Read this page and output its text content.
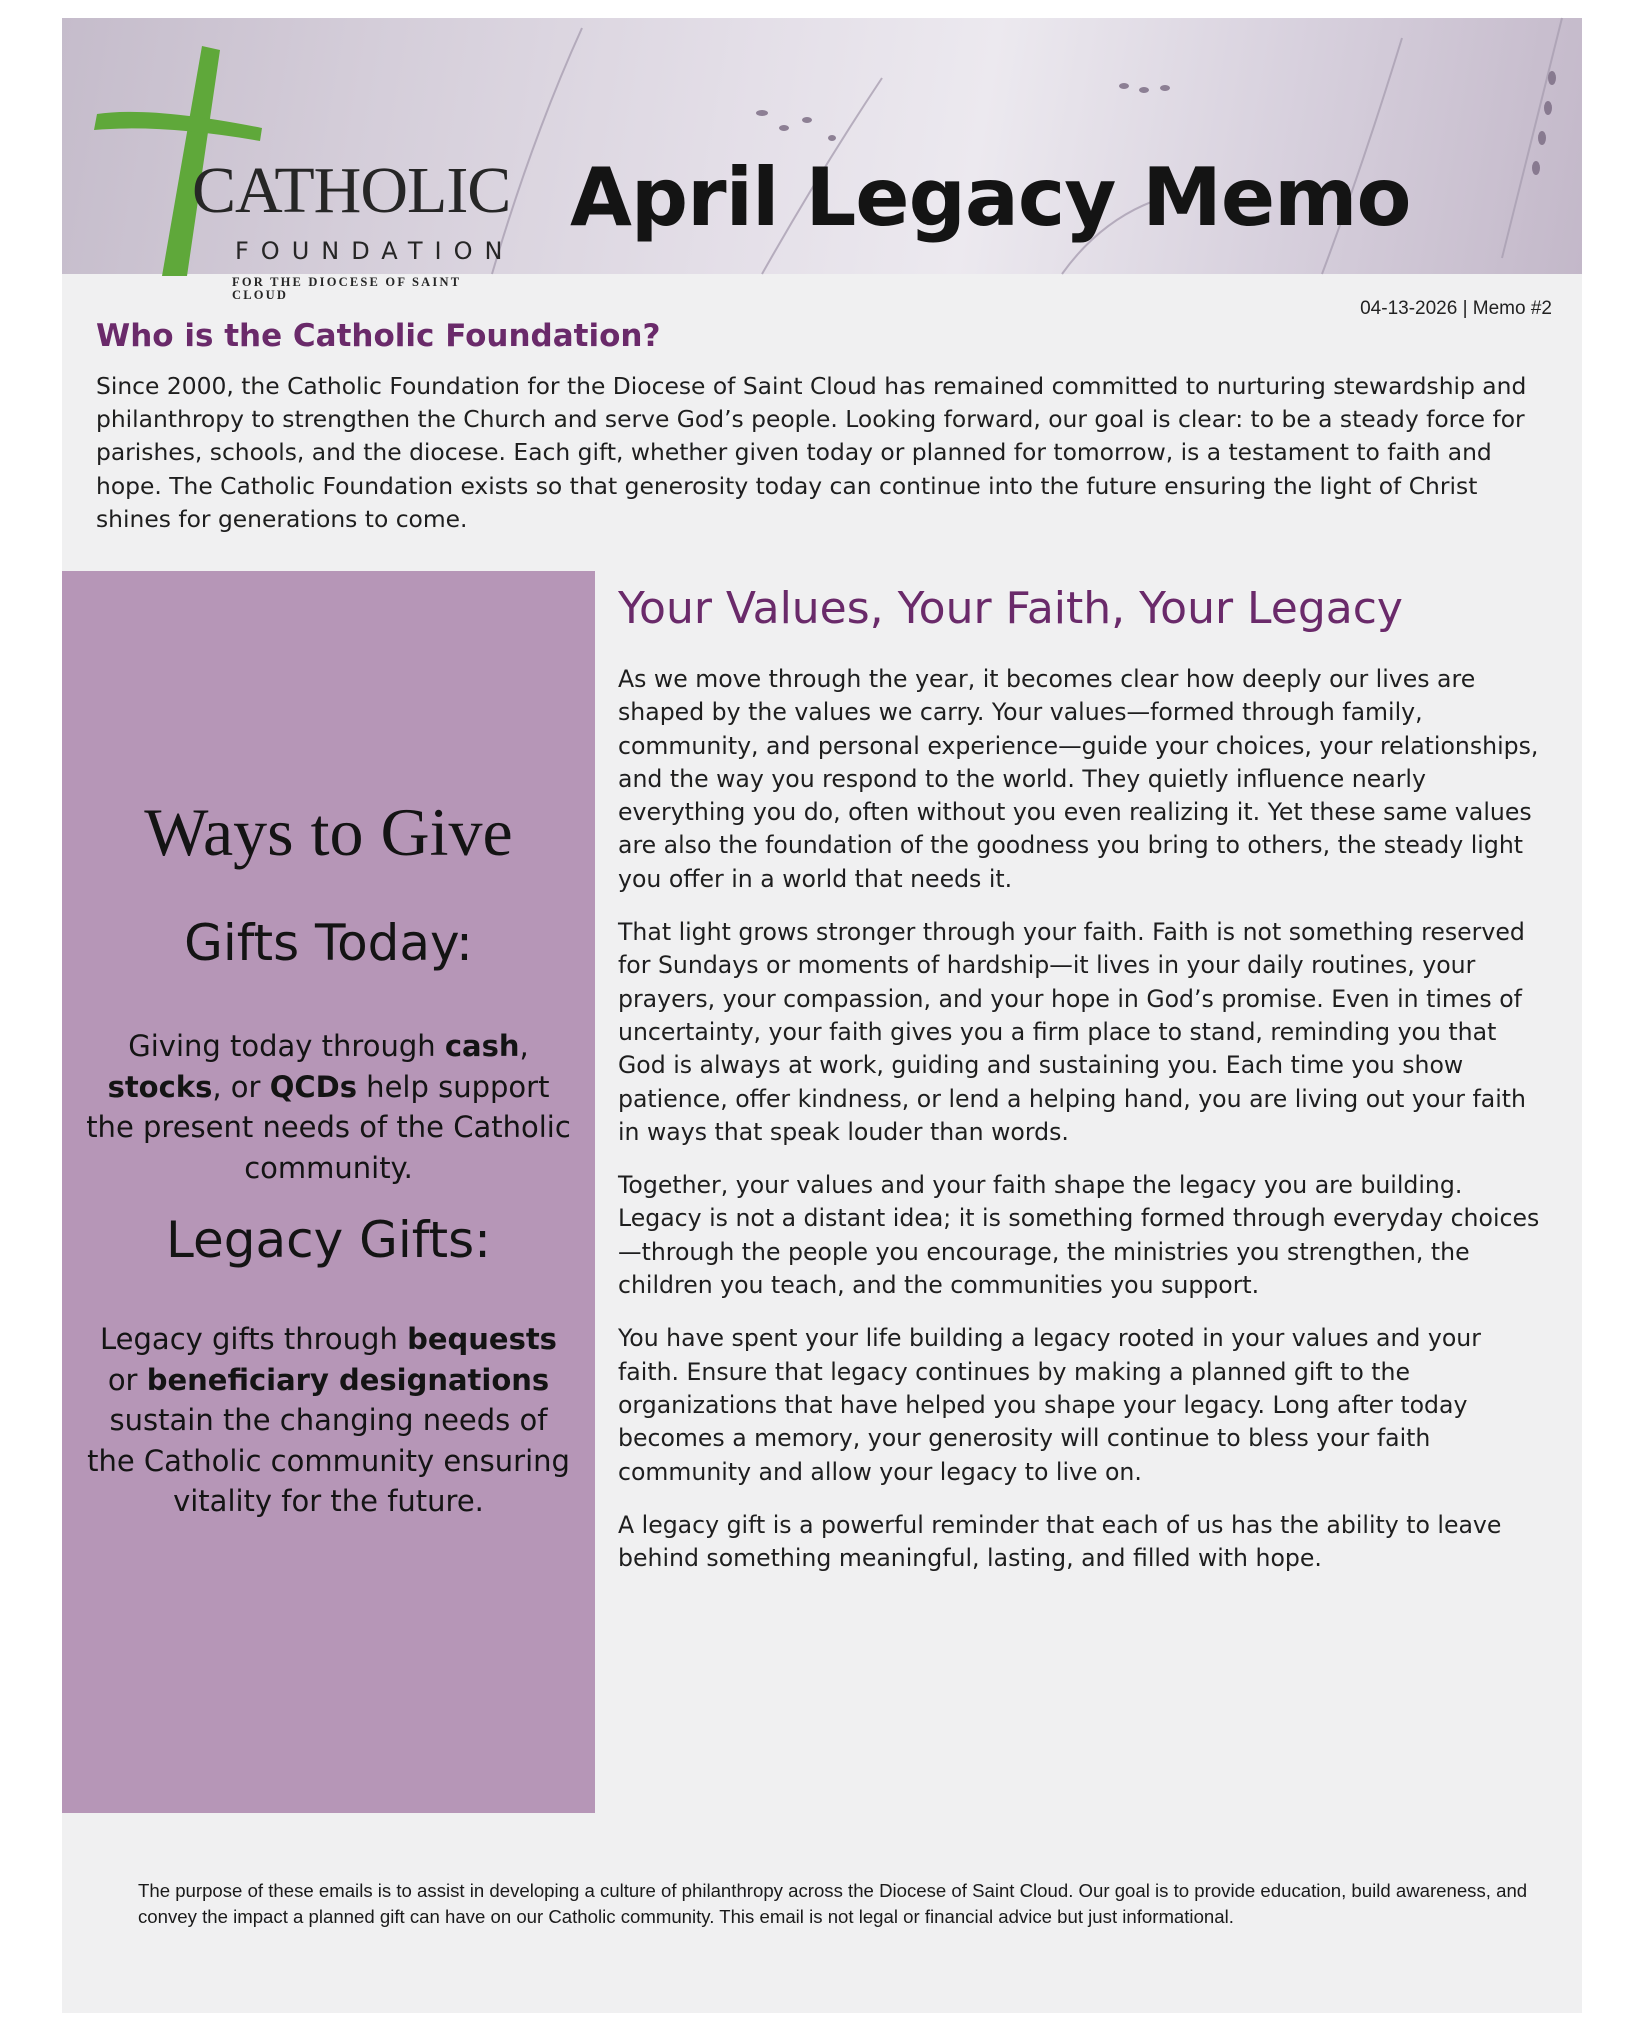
CATHOLIC
FOUNDATION
FOR THE DIOCESE OF SAINT CLOUD
April Legacy Memo
04-13-2026 | Memo #2
Who is the Catholic Foundation?
Since 2000, the Catholic Foundation for the Diocese of Saint Cloud has remained committed to nurturing stewardship and philanthropy to strengthen the Church and serve God’s people. Looking forward, our goal is clear: to be a steady force for parishes, schools, and the diocese. Each gift, whether given today or planned for tomorrow, is a testament to faith and hope. The Catholic Foundation exists so that generosity today can continue into the future ensuring the light of Christ shines for generations to come.
Ways to Give
Gifts Today:
Giving today through cash, stocks, or QCDs help support the present needs of the Catholic community.
Legacy Gifts:
Legacy gifts through bequests or beneficiary designations sustain the changing needs of the Catholic community ensuring vitality for the future.
Your Values, Your Faith, Your Legacy

As we move through the year, it becomes clear how deeply our lives are shaped by the values we carry. Your values—formed through family, community, and personal experience—guide your choices, your relationships, and the way you respond to the world. They quietly influence nearly everything you do, often without you even realizing it. Yet these same values are also the foundation of the goodness you bring to others, the steady light you offer in a world that needs it.

That light grows stronger through your faith. Faith is not something reserved for Sundays or moments of hardship—it lives in your daily routines, your prayers, your compassion, and your hope in God’s promise. Even in times of uncertainty, your faith gives you a firm place to stand, reminding you that God is always at work, guiding and sustaining you. Each time you show patience, offer kindness, or lend a helping hand, you are living out your faith in ways that speak louder than words.

Together, your values and your faith shape the legacy you are building. Legacy is not a distant idea; it is something formed through everyday choices—through the people you encourage, the ministries you strengthen, the children you teach, and the communities you support.

You have spent your life building a legacy rooted in your values and your faith. Ensure that legacy continues by making a planned gift to the organizations that have helped you shape your legacy. Long after today becomes a memory, your generosity will continue to bless your faith community and allow your legacy to live on.

A legacy gift is a powerful reminder that each of us has the ability to leave behind something meaningful, lasting, and filled with hope.

The purpose of these emails is to assist in developing a culture of philanthropy across the Diocese of Saint Cloud. Our goal is to provide education, build awareness, and convey the impact a planned gift can have on our Catholic community. This email is not legal or financial advice but just informational.
